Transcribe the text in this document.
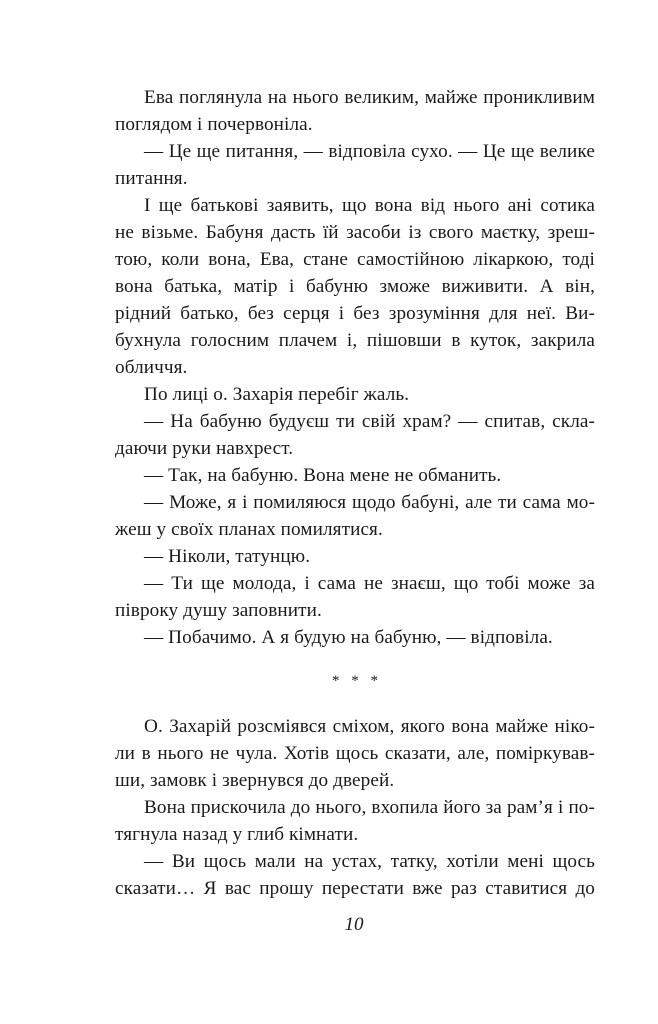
Ева поглянула на нього великим, майже проникливим
поглядом і почервоніла.

— Це ще питання, — відповіла сухо. — Це ще велике
питання.

І ще батькові заявить, що вона від нього ані сотика
не візьме. Бабуня дасть їй засоби із свого маєтку, зреш-
тою, коли вона, Ева, стане самостійною лікаркою, тоді
вона батька, матір і бабуню зможе виживити. А він,
рідний батько, без серця і без зрозуміння для неї. Ви-
бухнула голосним плачем і, пішовши в куток, закрила
обличчя.

По лиці о. Захарія перебіг жаль.

— На бабуню будуєш ти свій храм? — спитав, скла-
даючи руки навхрест.

— Так, на бабуню. Вона мене не обманить.

— Може, я і помиляюся щодо бабуні, але ти сама мо-
жеш у своїх планах помилятися.

— Ніколи, татунцю.

— Ти ще молода, і сама не знаєш, що тобі може за
півроку душу заповнити.

— Побачимо. А я будую на бабуню, — відповіла.

* * *

О. Захарій розсміявся сміхом, якого вона майже ніко-
ли в нього не чула. Хотів щось сказати, але, поміркував-
ши, замовк і звернувся до дверей.

Вона прискочила до нього, вхопила його за рам’я і по-
тягнула назад у глиб кімнати.

— Ви щось мали на устах, татку, хотіли мені щось
сказати… Я вас прошу перестати вже раз ставитися до

10
